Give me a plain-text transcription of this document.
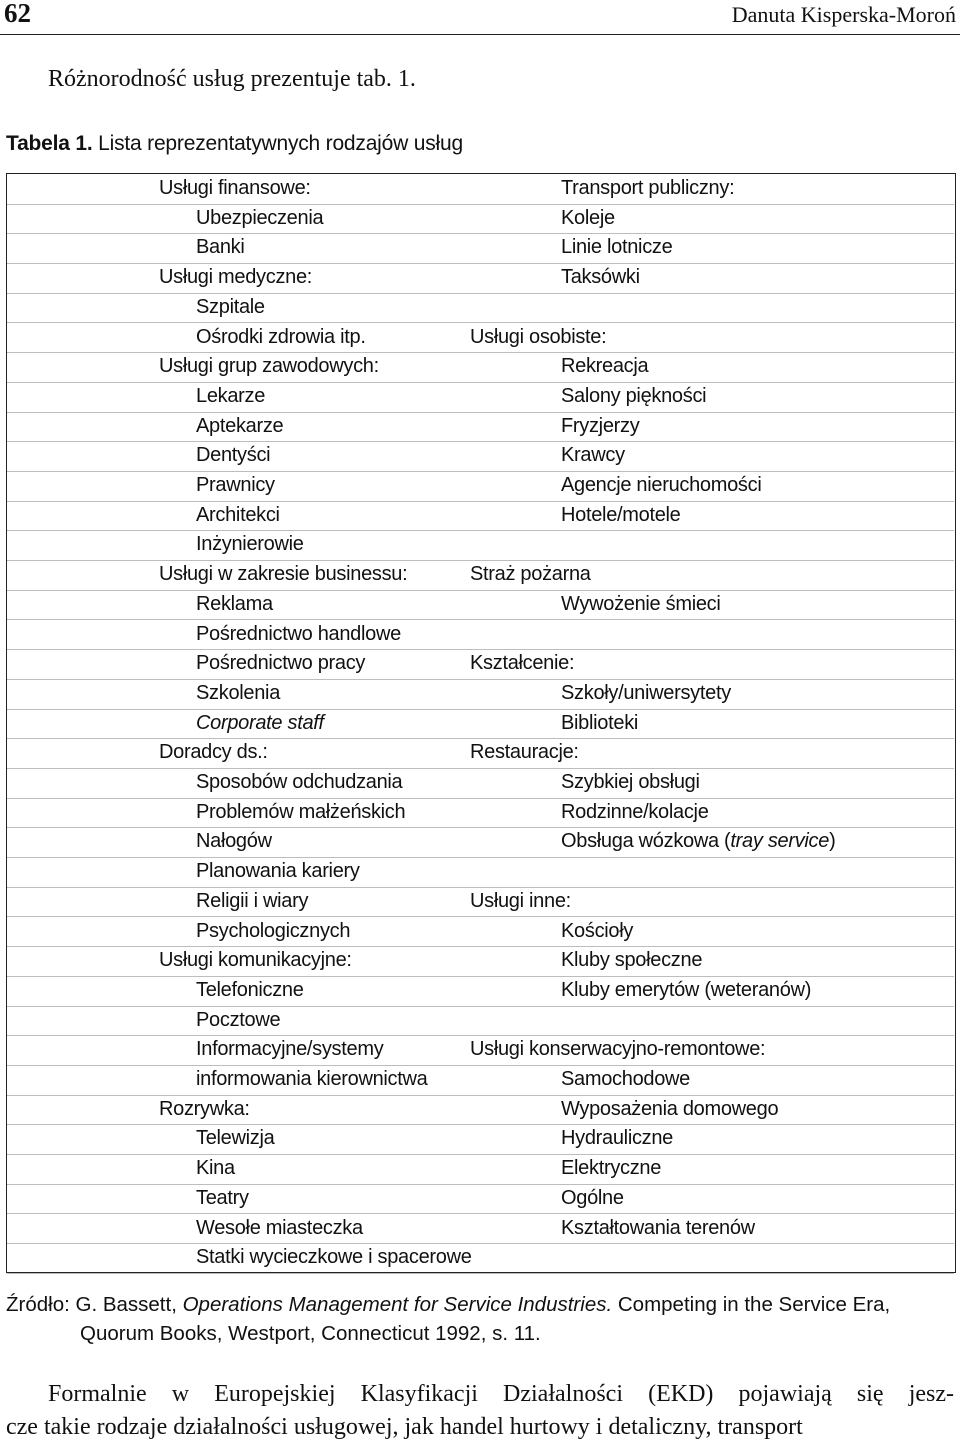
62	Danuta Kisperska-Moroń
Różnorodność usług prezentuje tab. 1.
Tabela 1. Lista reprezentatywnych rodzajów usług
Usługi finansowe:	Transport publiczny:
Ubezpieczenia	Koleje
Banki	Linie lotnicze
Usługi medyczne:	Taksówki
Szpitale
Ośrodki zdrowia itp.	Usługi osobiste:
Usługi grup zawodowych:	Rekreacja
Lekarze	Salony piękności
Aptekarze	Fryzjerzy
Dentyści	Krawcy
Prawnicy	Agencje nieruchomości
Architekci	Hotele/motele
Inżynierowie
Usługi w zakresie businessu:	Straż pożarna
Reklama	Wywożenie śmieci
Pośrednictwo handlowe
Pośrednictwo pracy	Kształcenie:
Szkolenia	Szkoły/uniwersytety
Corporate staff	Biblioteki
Doradcy ds.:	Restauracje:
Sposobów odchudzania	Szybkiej obsługi
Problemów małżeńskich	Rodzinne/kolacje
Nałogów	Obsługa wózkowa (tray service)
Planowania kariery
Religii i wiary	Usługi inne:
Psychologicznych	Kościoły
Usługi komunikacyjne:	Kluby społeczne
Telefoniczne	Kluby emerytów (weteranów)
Pocztowe
Informacyjne/systemy	Usługi konserwacyjno-remontowe:
informowania kierownictwa	Samochodowe
Rozrywka:	Wyposażenia domowego
Telewizja	Hydrauliczne
Kina	Elektryczne
Teatry	Ogólne
Wesołe miasteczka	Kształtowania terenów
Statki wycieczkowe i spacerowe
Źródło: G. Bassett, Operations Management for Service Industries. Competing in the Service Era,
Quorum Books, Westport, Connecticut 1992, s. 11.
Formalnie w Europejskiej Klasyfikacji Działalności (EKD) pojawiają się jesz-
cze takie rodzaje działalności usługowej, jak handel hurtowy i detaliczny, transport
